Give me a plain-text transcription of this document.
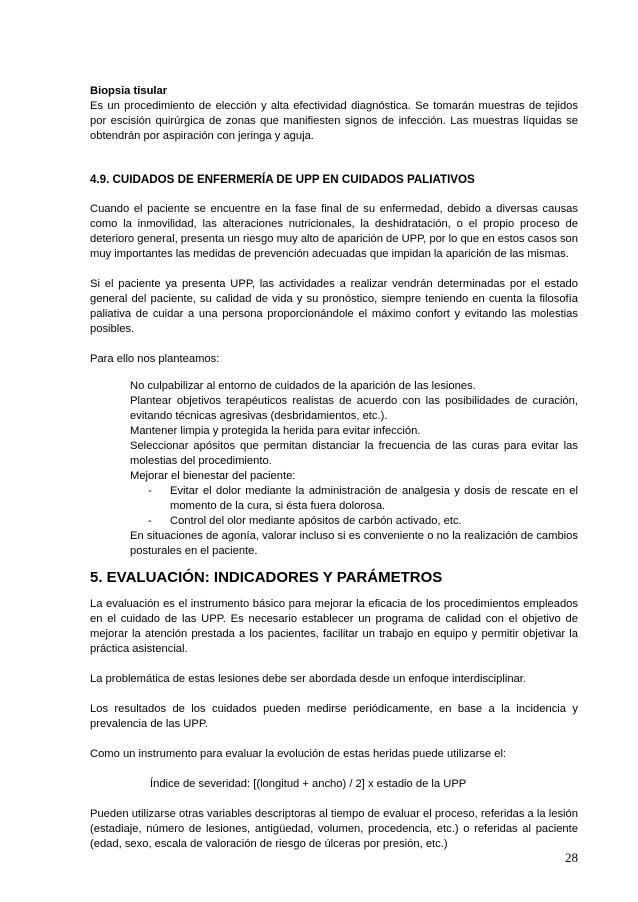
Biopsia tisular

Es un procedimiento de elección y alta efectividad diagnóstica. Se tomarán muestras de tejidos por escisión quirúrgica de zonas que manifiesten signos de infección. Las muestras líquidas se obtendrán por aspiración con jeringa y aguja.

4.9. CUIDADOS DE ENFERMERÍA DE UPP EN CUIDADOS PALIATIVOS

Cuando el paciente se encuentre en la fase final de su enfermedad, debido a diversas causas como la inmovilidad, las alteraciones nutricionales, la deshidratación, o el propio proceso de deterioro general, presenta un riesgo muy alto de aparición de UPP, por lo que en estos casos son muy importantes las medidas de prevención adecuadas que impidan la aparición de las mismas.

Si el paciente ya presenta UPP, las actividades a realizar vendrán determinadas por el estado general del paciente, su calidad de vida y su pronóstico, siempre teniendo en cuenta la filosofía paliativa de cuidar a una persona proporcionándole el máximo confort y evitando las molestias posibles.

Para ello nos planteamos:

No culpabilizar al entorno de cuidados de la aparición de las lesiones.
Plantear objetivos terapéuticos realistas de acuerdo con las posibilidades de curación, evitando técnicas agresivas (desbridamientos, etc.).
Mantener limpia y protegida la herida para evitar infección.
Seleccionar apósitos que permitan distanciar la frecuencia de las curas para evitar las molestias del procedimiento.
Mejorar el bienestar del paciente:
- Evitar el dolor mediante la administración de analgesia y dosis de rescate en el momento de la cura, si ésta fuera dolorosa.
- Control del olor mediante apósitos de carbón activado, etc.
En situaciones de agonía, valorar incluso si es conveniente o no la realización de cambios posturales en el paciente.

5. EVALUACIÓN: INDICADORES Y PARÁMETROS

La evaluación es el instrumento básico para mejorar la eficacia de los procedimientos empleados en el cuidado de las UPP. Es necesario establecer un programa de calidad con el objetivo de mejorar la atención prestada a los pacientes, facilitar un trabajo en equipo y permitir objetivar la práctica asistencial.

La problemática de estas lesiones debe ser abordada desde un enfoque interdisciplinar.

Los resultados de los cuidados pueden medirse periódicamente, en base a la incidencia y prevalencia de las UPP.

Como un instrumento para evaluar la evolución de estas heridas puede utilizarse el:

Índice de severidad: [(longitud + ancho) / 2] x estadio de la UPP

Pueden utilizarse otras variables descriptoras al tiempo de evaluar el proceso, referidas a la lesión (estadiaje, número de lesiones, antigüedad, volumen, procedencia, etc.) o referidas al paciente (edad, sexo, escala de valoración de riesgo de úlceras por presión, etc.)

28
